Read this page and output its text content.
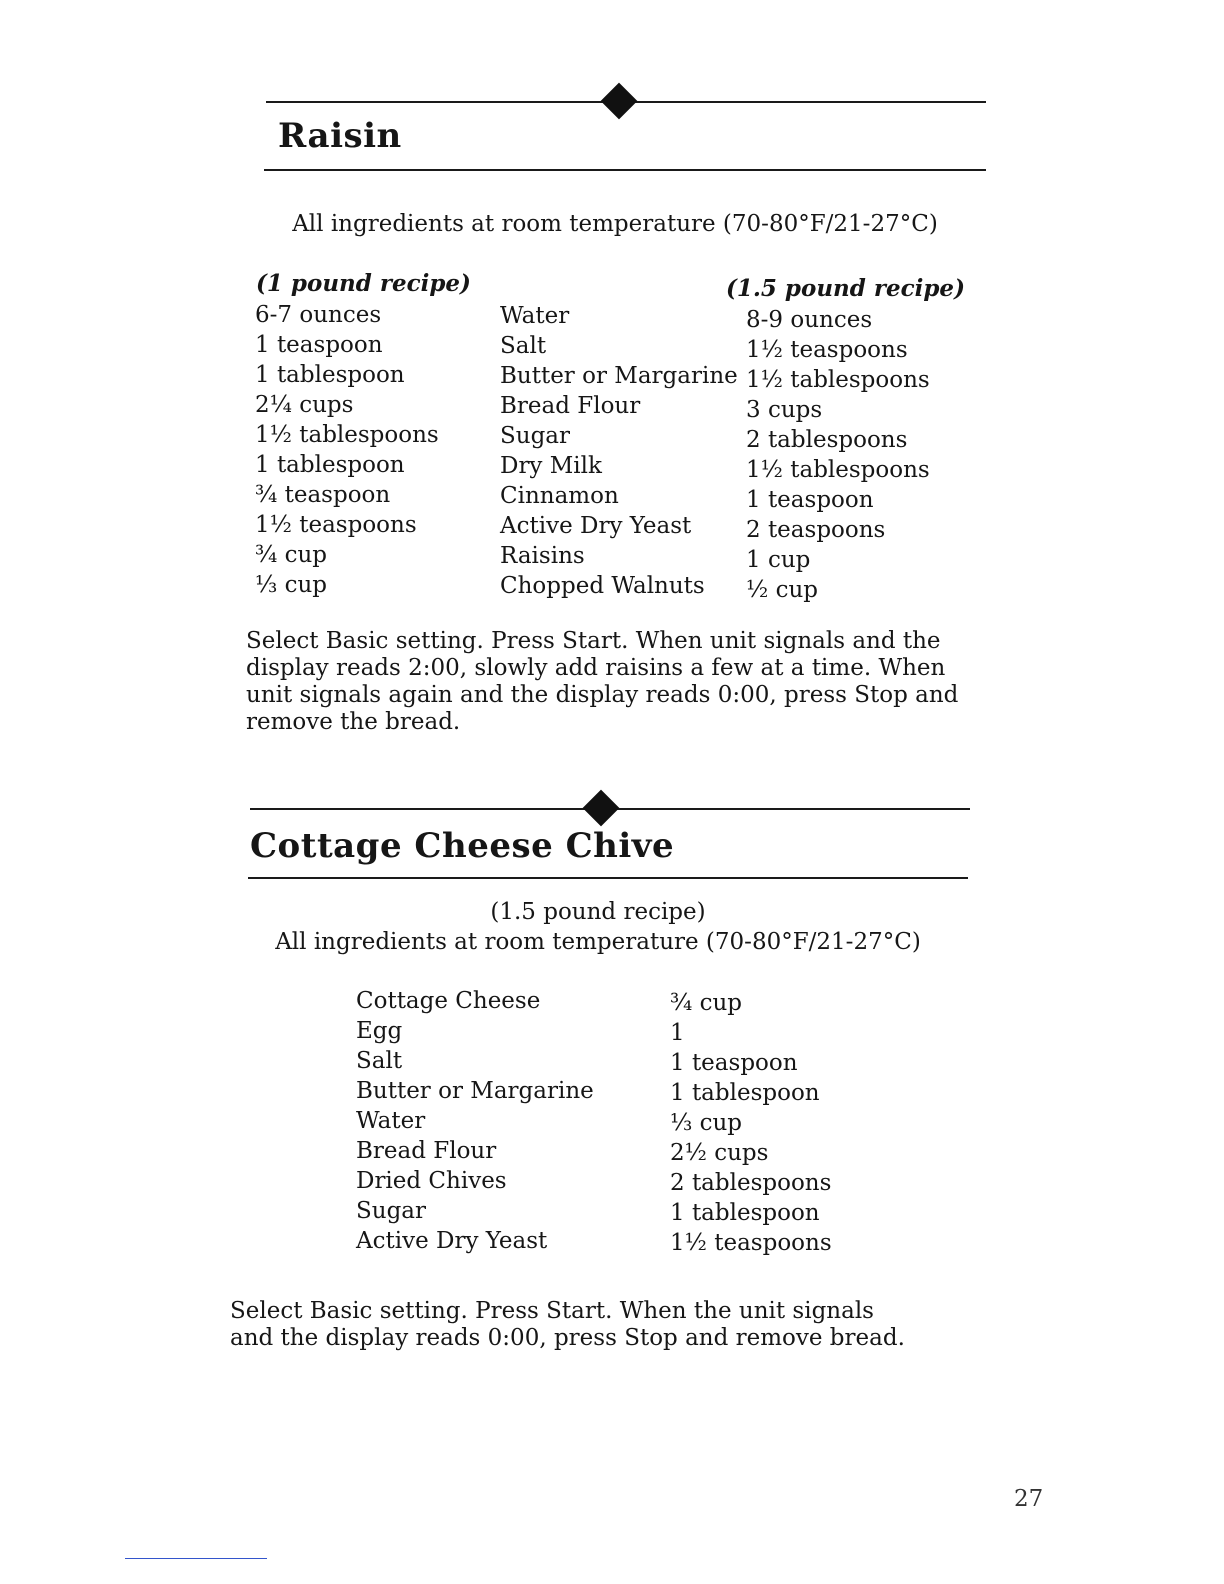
Raisin

All ingredients at room temperature (70-80°F/21-27°C)

(1 pound recipe)	(1.5 pound recipe)
6-7 ounces
1 teaspoon
1 tablespoon
2¼ cups
1½ tablespoons
1 tablespoon
¾ teaspoon
1½ teaspoons
¾ cup
⅓ cup
Water
Salt
Butter or Margarine
Bread Flour
Sugar
Dry Milk
Cinnamon
Active Dry Yeast
Raisins
Chopped Walnuts
8-9 ounces
1½ teaspoons
1½ tablespoons
3 cups
2 tablespoons
1½ tablespoons
1 teaspoon
2 teaspoons
1 cup
½ cup

Select Basic setting. Press Start. When unit signals and the display reads 2:00, slowly add raisins a few at a time. When unit signals again and the display reads 0:00, press Stop and remove the bread.

Cottage Cheese Chive

(1.5 pound recipe)

All ingredients at room temperature (70-80°F/21-27°C)

Cottage Cheese
Egg
Salt
Butter or Margarine
Water
Bread Flour
Dried Chives
Sugar
Active Dry Yeast
¾ cup
1
1 teaspoon
1 tablespoon
⅓ cup
2½ cups
2 tablespoons
1 tablespoon
1½ teaspoons

Select Basic setting. Press Start. When the unit signals and the display reads 0:00, press Stop and remove bread.

27
